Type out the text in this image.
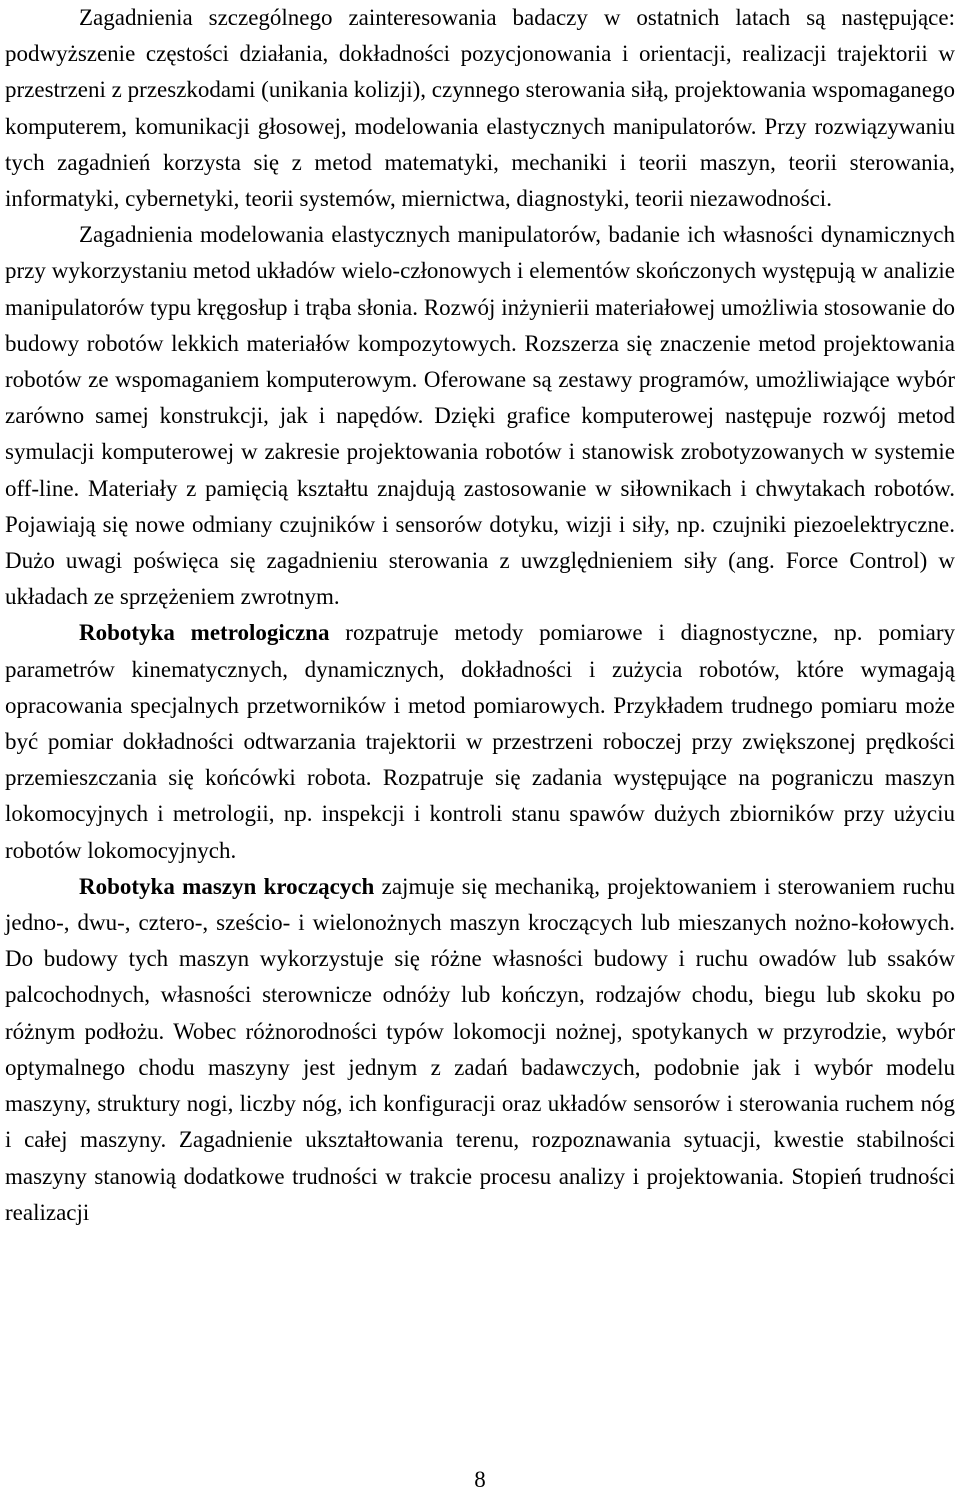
Zagadnienia szczególnego zainteresowania badaczy w ostatnich latach są następujące: podwyższenie częstości działania, dokładności pozycjonowania i orientacji, realizacji trajektorii w przestrzeni z przeszkodami (unikania kolizji), czynnego sterowania siłą, projektowania wspomaganego komputerem, komunikacji głosowej, modelowania elastycznych manipulatorów. Przy rozwiązywaniu tych zagadnień korzysta się z metod matematyki, mechaniki i teorii maszyn, teorii sterowania, informatyki, cybernetyki, teorii systemów, miernictwa, diagnostyki, teorii niezawodności.

Zagadnienia modelowania elastycznych manipulatorów, badanie ich własności dynamicznych przy wykorzystaniu metod układów wielo-członowych i elementów skończonych występują w analizie manipulatorów typu kręgosłup i trąba słonia. Rozwój inżynierii materiałowej umożliwia stosowanie do budowy robotów lekkich materiałów kompozytowych. Rozszerza się znaczenie metod projektowania robotów ze wspomaganiem komputerowym. Oferowane są zestawy programów, umożliwiające wybór zarówno samej konstrukcji, jak i napędów. Dzięki grafice komputerowej następuje rozwój metod symulacji komputerowej w zakresie projektowania robotów i stanowisk zrobotyzowanych w systemie off-line. Materiały z pamięcią kształtu znajdują zastosowanie w siłownikach i chwytakach robotów. Pojawiają się nowe odmiany czujników i sensorów dotyku, wizji i siły, np. czujniki piezoelektryczne. Dużo uwagi poświęca się zagadnieniu sterowania z uwzględnieniem siły (ang. Force Control) w układach ze sprzężeniem zwrotnym.

Robotyka metrologiczna rozpatruje metody pomiarowe i diagnostyczne, np. pomiary parametrów kinematycznych, dynamicznych, dokładności i zużycia robotów, które wymagają opracowania specjalnych przetworników i metod pomiarowych. Przykładem trudnego pomiaru może być pomiar dokładności odtwarzania trajektorii w przestrzeni roboczej przy zwiększonej prędkości przemieszczania się końcówki robota. Rozpatruje się zadania występujące na pograniczu maszyn lokomocyjnych i metrologii, np. inspekcji i kontroli stanu spawów dużych zbiorników przy użyciu robotów lokomocyjnych.

Robotyka maszyn kroczących zajmuje się mechaniką, projektowaniem i sterowaniem ruchu jedno-, dwu-, cztero-, sześcio- i wielonożnych maszyn kroczących lub mieszanych nożno-kołowych. Do budowy tych maszyn wykorzystuje się różne własności budowy i ruchu owadów lub ssaków palcochodnych, własności sterownicze odnóży lub kończyn, rodzajów chodu, biegu lub skoku po różnym podłożu. Wobec różnorodności typów lokomocji nożnej, spotykanych w przyrodzie, wybór optymalnego chodu maszyny jest jednym z zadań badawczych, podobnie jak i wybór modelu maszyny, struktury nogi, liczby nóg, ich konfiguracji oraz układów sensorów i sterowania ruchem nóg i całej maszyny. Zagadnienie ukształtowania terenu, rozpoznawania sytuacji, kwestie stabilności maszyny stanowią dodatkowe trudności w trakcie procesu analizy i projektowania. Stopień trudności realizacji

8
